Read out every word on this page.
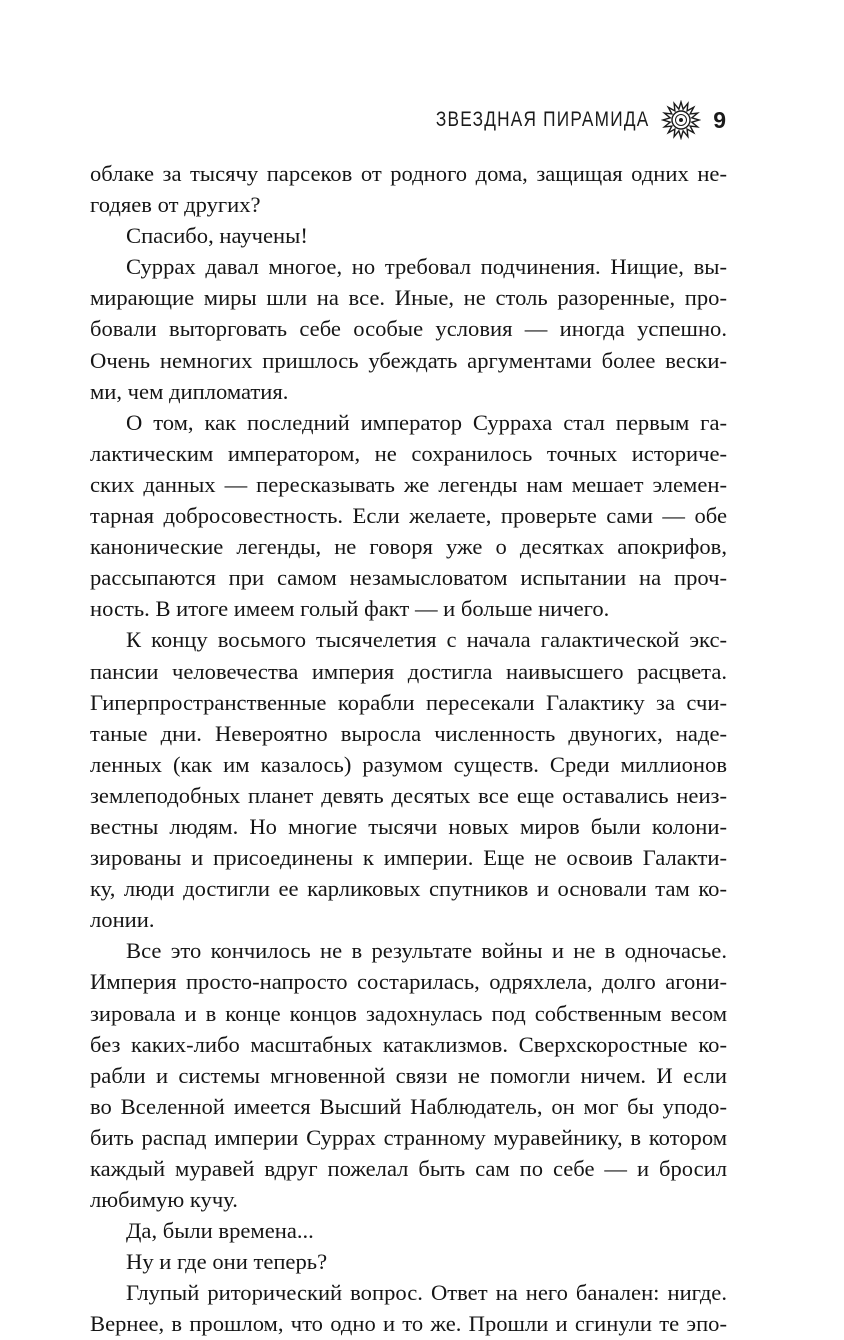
ЗВЕЗДНАЯ ПИРАМИДА	9
облаке за тысячу парсеков от родного дома, защищая одних не-
годяев от других?
Спасибо, научены!
Суррах давал многое, но требовал подчинения. Нищие, вы-
мирающие миры шли на все. Иные, не столь разоренные, про-
бовали выторговать себе особые условия — иногда успешно.
Очень немногих пришлось убеждать аргументами более вески-
ми, чем дипломатия.
О том, как последний император Сурраха стал первым га-
лактическим императором, не сохранилось точных историче-
ских данных — пересказывать же легенды нам мешает элемен-
тарная добросовестность. Если желаете, проверьте сами — обе
канонические легенды, не говоря уже о десятках апокрифов,
рассыпаются при самом незамысловатом испытании на проч-
ность. В итоге имеем голый факт — и больше ничего.
К концу восьмого тысячелетия с начала галактической экс-
пансии человечества империя достигла наивысшего расцвета.
Гиперпространственные корабли пересекали Галактику за счи-
таные дни. Невероятно выросла численность двуногих, наде-
ленных (как им казалось) разумом существ. Среди миллионов
землеподобных планет девять десятых все еще оставались неиз-
вестны людям. Но многие тысячи новых миров были колони-
зированы и присоединены к империи. Еще не освоив Галакти-
ку, люди достигли ее карликовых спутников и основали там ко-
лонии.
Все это кончилось не в результате войны и не в одночасье.
Империя просто-напросто состарилась, одряхлела, долго агони-
зировала и в конце концов задохнулась под собственным весом
без каких-либо масштабных катаклизмов. Сверхскоростные ко-
рабли и системы мгновенной связи не помогли ничем. И если
во Вселенной имеется Высший Наблюдатель, он мог бы уподо-
бить распад империи Суррах странному муравейнику, в котором
каждый муравей вдруг пожелал быть сам по себе — и бросил
любимую кучу.
Да, были времена...
Ну и где они теперь?
Глупый риторический вопрос. Ответ на него банален: нигде.
Вернее, в прошлом, что одно и то же. Прошли и сгинули те эпо-
